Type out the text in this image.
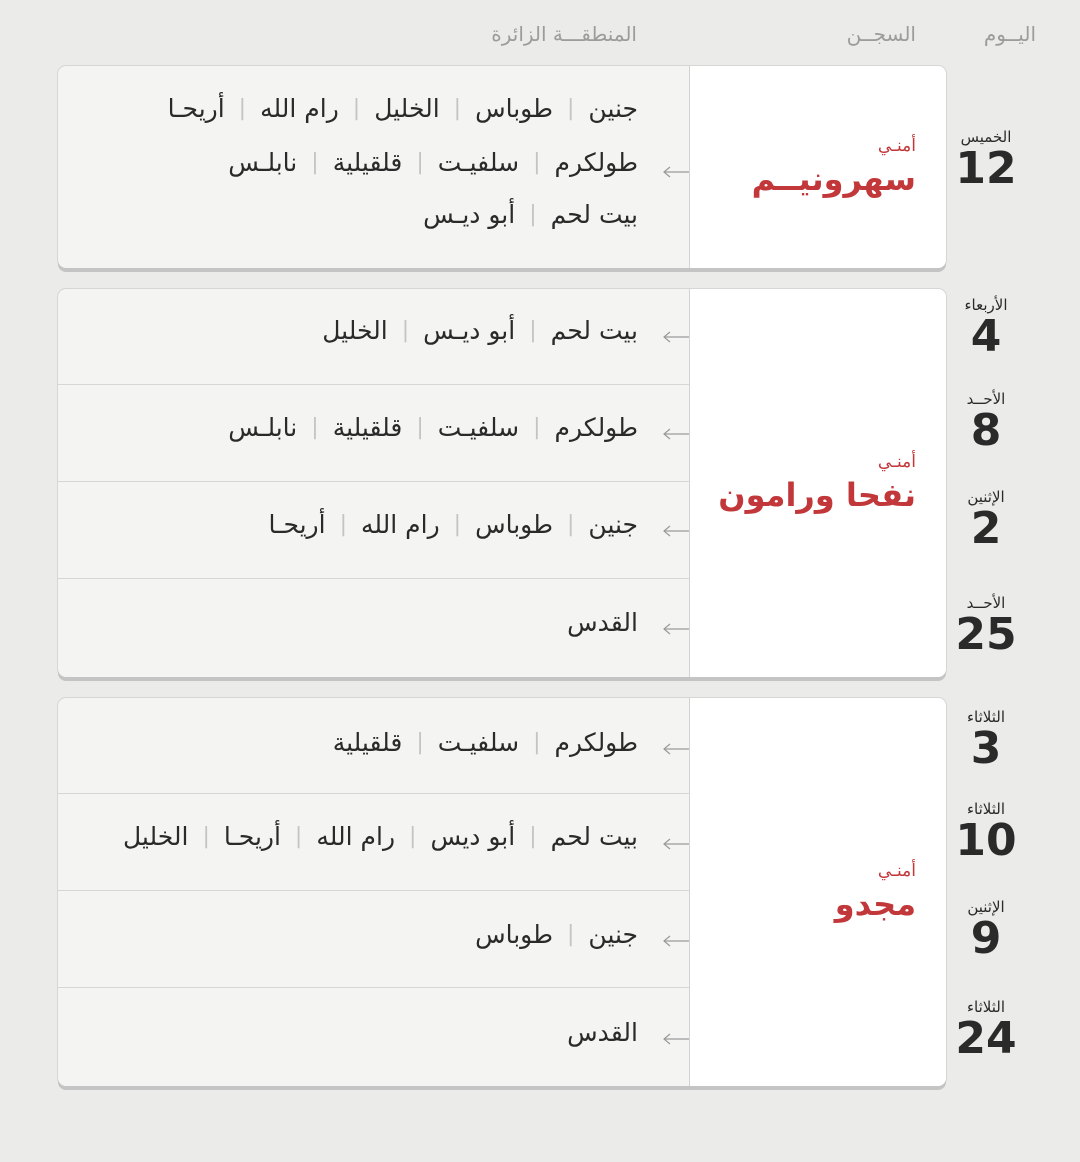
اليــوم
السجــن
المنطقـــة الزائرة
جنين
|
طوباس
|
الخليل
|
رام الله
|
أريحـا
طولكرم
|
سلفيـت
|
قلقيلية
|
نابلـس
بيت لحم
|
أبو ديـس
أمنـي
سهرونيــم
الخميس
12
بيت لحم
|
أبو ديـس
|
الخليل
طولكرم
|
سلفيـت
|
قلقيلية
|
نابلـس
جنين
|
طوباس
|
رام الله
|
أريحـا
القدس
أمنـي
نفحا ورامون
الأربعاء
4
الأحــد
8
الإثنين
2
الأحــد
25
طولكرم
|
سلفيـت
|
قلقيلية
بيت لحم
|
أبو ديس
|
رام الله
|
أريحـا
|
الخليل
جنين
|
طوباس
القدس
أمنـي
مجدو
الثلاثاء
3
الثلاثاء
10
الإثنين
9
الثلاثاء
24
